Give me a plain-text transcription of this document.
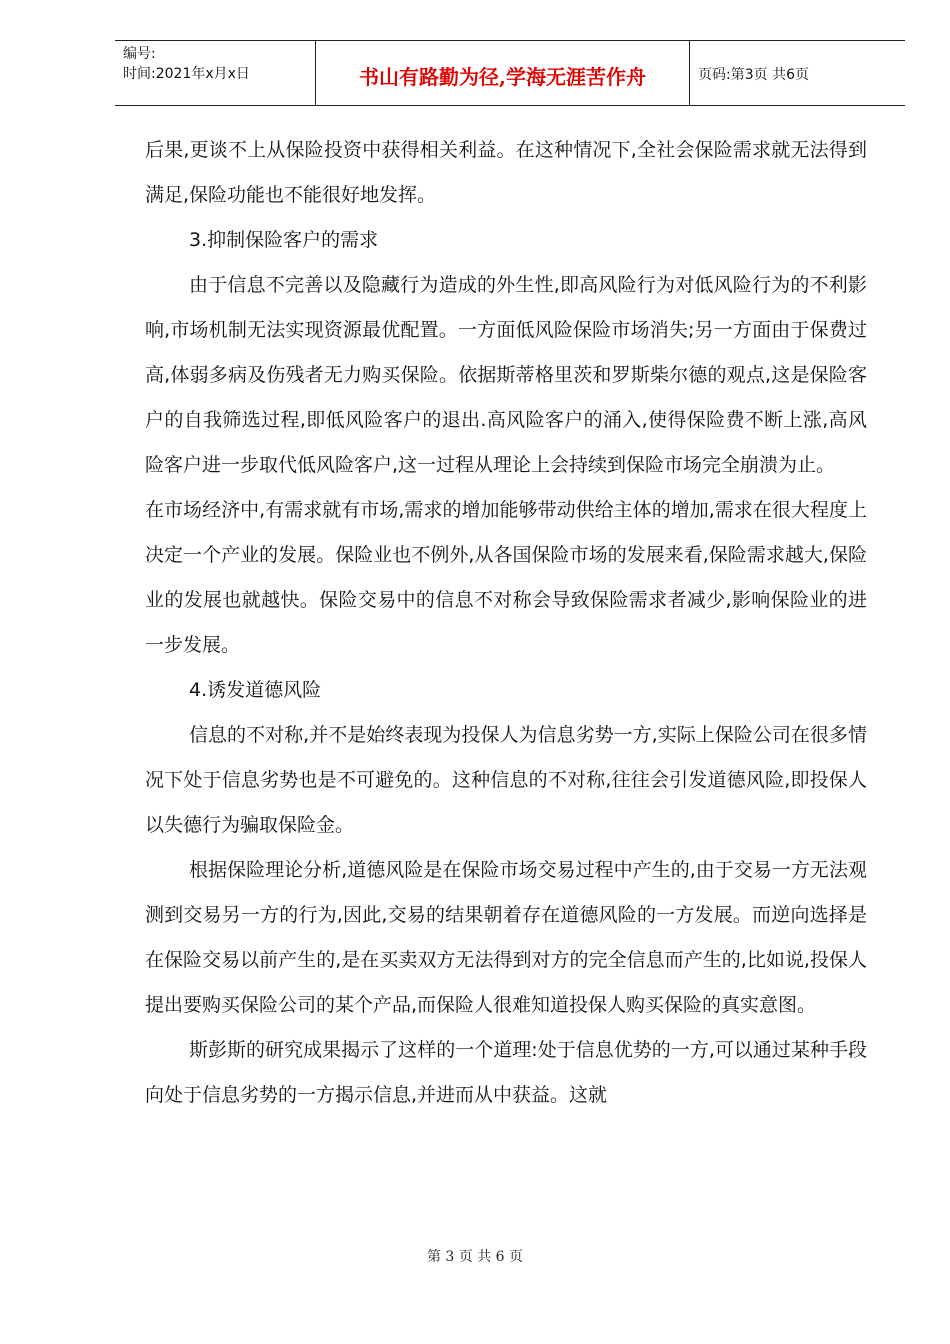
编号:
时间:2021年x月x日	书山有路勤为径,学海无涯苦作舟	页码:第3页 共6页

后果,更谈不上从保险投资中获得相关利益。在这种情况下,全社会保险需求就无法得到满足,保险功能也不能很好地发挥。

3.抑制保险客户的需求

由于信息不完善以及隐藏行为造成的外生性,即高风险行为对低风险行为的不利影响,市场机制无法实现资源最优配置。一方面低风险保险市场消失;另一方面由于保费过高,体弱多病及伤残者无力购买保险。依据斯蒂格里茨和罗斯柴尔德的观点,这是保险客户的自我筛选过程,即低风险客户的退出.高风险客户的涌入,使得保险费不断上涨,高风险客户进一步取代低风险客户,这一过程从理论上会持续到保险市场完全崩溃为止。

在市场经济中,有需求就有市场,需求的增加能够带动供给主体的增加,需求在很大程度上决定一个产业的发展。保险业也不例外,从各国保险市场的发展来看,保险需求越大,保险业的发展也就越快。保险交易中的信息不对称会导致保险需求者减少,影响保险业的进一步发展。

4.诱发道德风险

信息的不对称,并不是始终表现为投保人为信息劣势一方,实际上保险公司在很多情况下处于信息劣势也是不可避免的。这种信息的不对称,往往会引发道德风险,即投保人以失德行为骗取保险金。

根据保险理论分析,道德风险是在保险市场交易过程中产生的,由于交易一方无法观测到交易另一方的行为,因此,交易的结果朝着存在道德风险的一方发展。而逆向选择是在保险交易以前产生的,是在买卖双方无法得到对方的完全信息而产生的,比如说,投保人提出要购买保险公司的某个产品,而保险人很难知道投保人购买保险的真实意图。

斯彭斯的研究成果揭示了这样的一个道理:处于信息优势的一方,可以通过某种手段向处于信息劣势的一方揭示信息,并进而从中获益。这就

第 3 页 共 6 页
